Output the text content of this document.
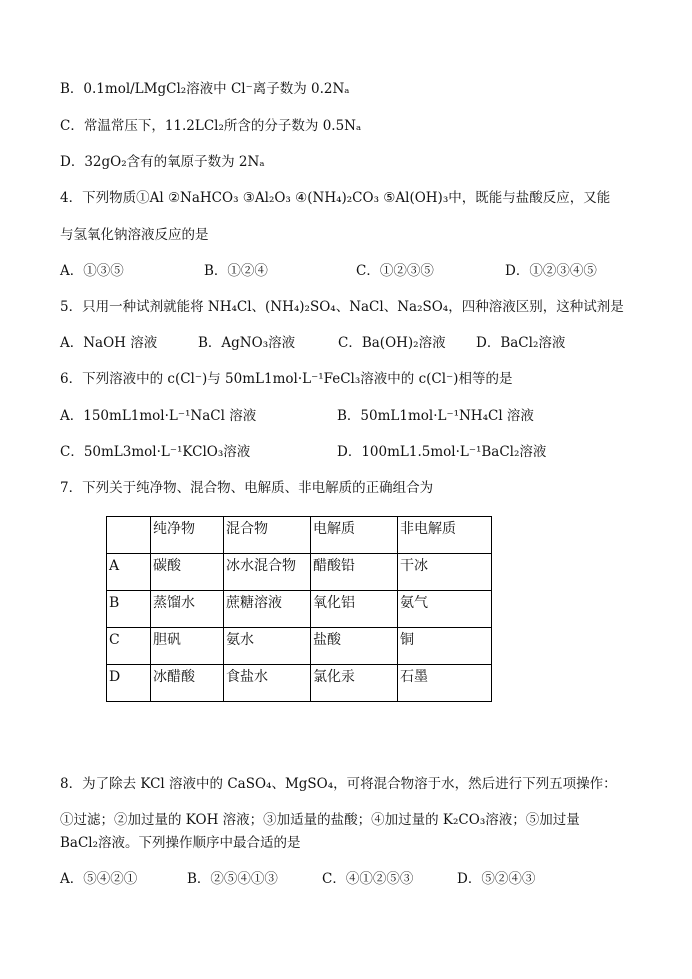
B．0.1mol/LMgCl₂溶液中 Cl⁻离子数为 0.2Nₐ
C．常温常压下，11.2LCl₂所含的分子数为 0.5Nₐ
D．32gO₂含有的氧原子数为 2Nₐ
4．下列物质①Al ②NaHCO₃ ③Al₂O₃ ④(NH₄)₂CO₃ ⑤Al(OH)₃中，既能与盐酸反应，又能
与氢氧化钠溶液反应的是
A．①③⑤	B．①②④	C．①②③⑤	D．①②③④⑤
5．只用一种试剂就能将 NH₄Cl、(NH₄)₂SO₄、NaCl、Na₂SO₄，四种溶液区别，这种试剂是
A．NaOH 溶液	B．AgNO₃溶液	C．Ba(OH)₂溶液 D．BaCl₂溶液
6．下列溶液中的 c(Cl⁻)与 50mL1mol·L⁻¹FeCl₃溶液中的 c(Cl⁻)相等的是
A．150mL1mol·L⁻¹NaCl 溶液	B．50mL1mol·L⁻¹NH₄Cl 溶液
C．50mL3mol·L⁻¹KClO₃溶液	D．100mL1.5mol·L⁻¹BaCl₂溶液
7．下列关于纯净物、混合物、电解质、非电解质的正确组合为
	纯净物	混合物	电解质	非电解质
A	碳酸	冰水混合物	醋酸铅	干冰
B	蒸馏水	蔗糖溶液	氧化铝	氨气
C	胆矾	氨水	盐酸	铜
D	冰醋酸	食盐水	氯化汞	石墨
8．为了除去 KCl 溶液中的 CaSO₄、MgSO₄，可将混合物溶于水，然后进行下列五项操作：
①过滤；②加过量的 KOH 溶液；③加适量的盐酸；④加过量的 K₂CO₃溶液；⑤加过量
BaCl₂溶液。下列操作顺序中最合适的是
A．⑤④②①	B．②⑤④①③	C．④①②⑤③	D．⑤②④③
